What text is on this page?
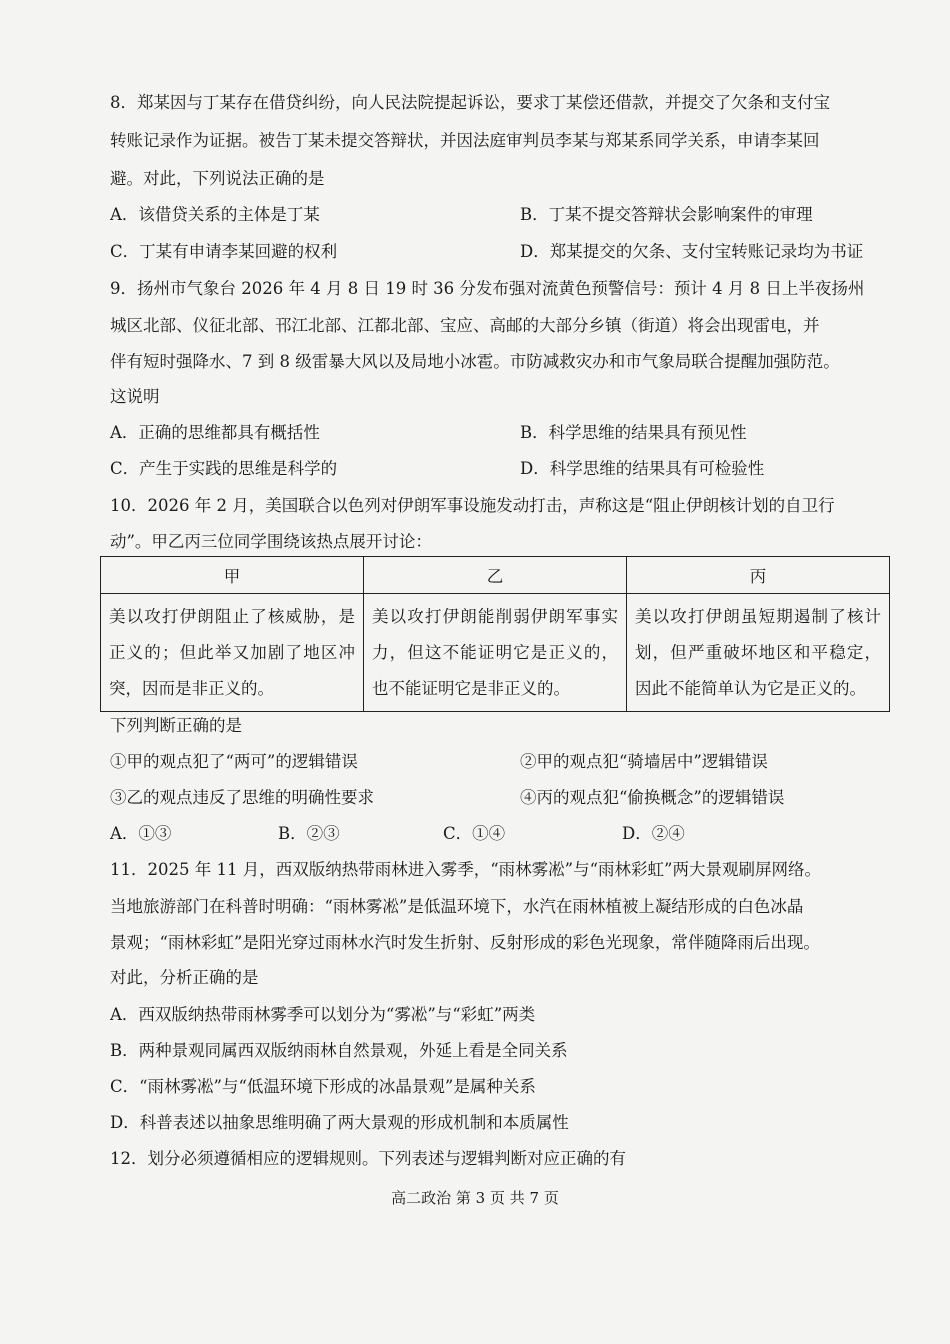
8．郑某因与丁某存在借贷纠纷，向人民法院提起诉讼，要求丁某偿还借款，并提交了欠条和支付宝
转账记录作为证据。被告丁某未提交答辩状，并因法庭审判员李某与郑某系同学关系，申请李某回
避。对此，下列说法正确的是
A．该借贷关系的主体是丁某	B．丁某不提交答辩状会影响案件的审理
C．丁某有申请李某回避的权利	D．郑某提交的欠条、支付宝转账记录均为书证
9．扬州市气象台 2026 年 4 月 8 日 19 时 36 分发布强对流黄色预警信号：预计 4 月 8 日上半夜扬州
城区北部、仪征北部、邗江北部、江都北部、宝应、高邮的大部分乡镇（街道）将会出现雷电，并
伴有短时强降水、7 到 8 级雷暴大风以及局地小冰雹。市防减救灾办和市气象局联合提醒加强防范。
这说明
A．正确的思维都具有概括性	B．科学思维的结果具有预见性
C．产生于实践的思维是科学的	D．科学思维的结果具有可检验性
10．2026 年 2 月，美国联合以色列对伊朗军事设施发动打击，声称这是“阻止伊朗核计划的自卫行
动”。甲乙丙三位同学围绕该热点展开讨论：
甲	乙	丙
美以攻打伊朗阻止了核威胁，是正义的；但此举又加剧了地区冲突，因而是非正义的。	美以攻打伊朗能削弱伊朗军事实力，但这不能证明它是正义的，也不能证明它是非正义的。	美以攻打伊朗虽短期遏制了核计划，但严重破坏地区和平稳定，因此不能简单认为它是正义的。
下列判断正确的是
①甲的观点犯了“两可”的逻辑错误	②甲的观点犯“骑墙居中”逻辑错误
③乙的观点违反了思维的明确性要求	④丙的观点犯“偷换概念”的逻辑错误
A．①③	B．②③	C．①④	D．②④
11．2025 年 11 月，西双版纳热带雨林进入雾季，“雨林雾凇”与“雨林彩虹”两大景观刷屏网络。
当地旅游部门在科普时明确：“雨林雾凇”是低温环境下，水汽在雨林植被上凝结形成的白色冰晶
景观；“雨林彩虹”是阳光穿过雨林水汽时发生折射、反射形成的彩色光现象，常伴随降雨后出现。
对此，分析正确的是
A．西双版纳热带雨林雾季可以划分为“雾凇”与“彩虹”两类
B．两种景观同属西双版纳雨林自然景观，外延上看是全同关系
C．“雨林雾凇”与“低温环境下形成的冰晶景观”是属种关系
D．科普表述以抽象思维明确了两大景观的形成机制和本质属性
12．划分必须遵循相应的逻辑规则。下列表述与逻辑判断对应正确的有
高二政治 第 3 页 共 7 页
